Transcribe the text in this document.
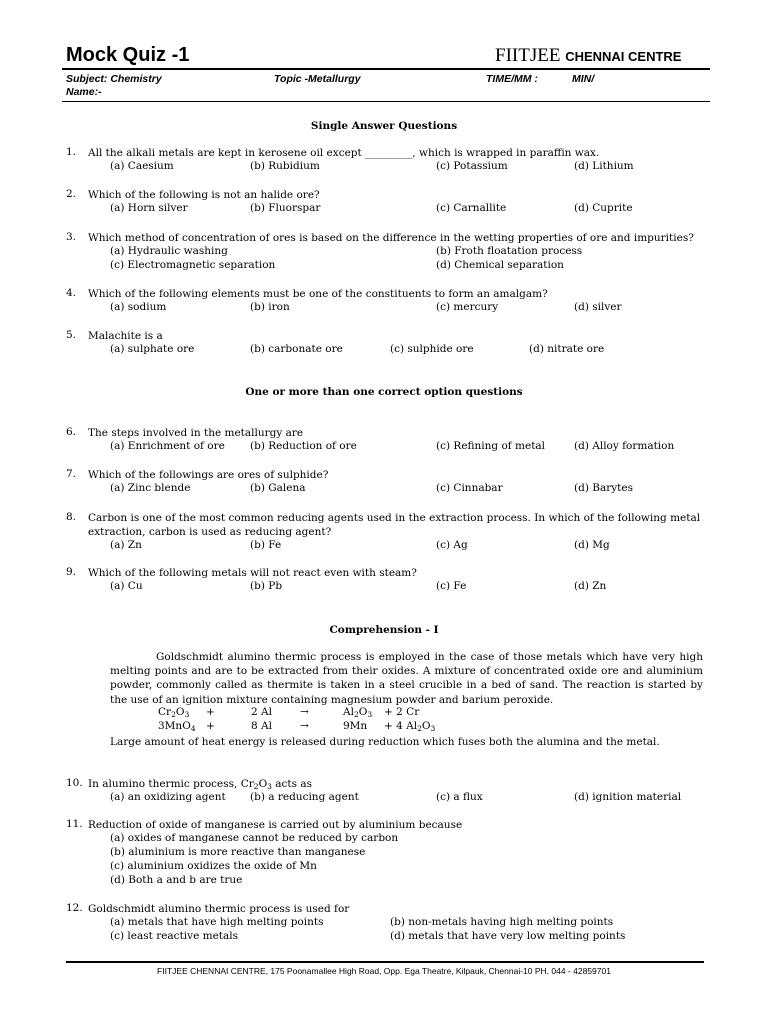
Mock Quiz -1	FIITJEE CHENNAI CENTRE
Subject: Chemistry	Topic -Metallurgy	TIME/MM :	MIN/
Name:-
Single Answer Questions
1. All the alkali metals are kept in kerosene oil except _________, which is wrapped in paraffin wax.
(a) Caesium	(b) Rubidium	(c) Potassium	(d) Lithium
2. Which of the following is not an halide ore?
(a) Horn silver	(b) Fluorspar	(c) Carnallite	(d) Cuprite
3. Which method of concentration of ores is based on the difference in the wetting properties of ore and impurities?
(a) Hydraulic washing	(b) Froth floatation process
(c) Electromagnetic separation	(d) Chemical separation
4. Which of the following elements must be one of the constituents to form an amalgam?
(a) sodium	(b) iron	(c) mercury	(d) silver
5. Malachite is a
(a) sulphate ore	(b) carbonate ore	(c) sulphide ore	(d) nitrate ore
One or more than one correct option questions
6. The steps involved in the metallurgy are
(a) Enrichment of ore (b) Reduction of ore	(c) Refining of metal	(d) Alloy formation
7. Which of the followings are ores of sulphide?
(a) Zinc blende	(b) Galena	(c) Cinnabar	(d) Barytes
8. Carbon is one of the most common reducing agents used in the extraction process. In which of the following metal
extraction, carbon is used as reducing agent?
(a) Zn	(b) Fe	(c) Ag	(d) Mg
9. Which of the following metals will not react even with steam?
(a) Cu	(b) Pb	(c) Fe	(d) Zn
Comprehension - I
Goldschmidt alumino thermic process is employed in the case of those metals which have very high melting points and are to be extracted from their oxides. A mixture of concentrated oxide ore and aluminium powder, commonly called as thermite is taken in a steel crucible in a bed of sand. The reaction is started by the use of an ignition mixture containing magnesium powder and barium peroxide.
$Cr_2O_3$ +	2 Al	→	$Al_2O_3 + 2$ Cr
3MnO$_4$ +	8 Al	→	9Mn + 4 $Al_2O_3$
Large amount of heat energy is released during reduction which fuses both the alumina and the metal.
10. In alumino thermic process, $Cr_2O_3$ acts as
(a) an oxidizing agent (b) a reducing agent	(c) a flux	(d) ignition material
11. Reduction of oxide of manganese is carried out by aluminium because
(a) oxides of manganese cannot be reduced by carbon
(b) aluminium is more reactive than manganese
(c) aluminium oxidizes the oxide of Mn
(d) Both a and b are true
12. Goldschmidt alumino thermic process is used for
(a) metals that have high melting points	(b) non-metals having high melting points
(c) least reactive metals	(d) metals that have very low melting points
FIITJEE CHENNAI CENTRE, 175 Poonamallee High Road, Opp. Ega Theatre, Kilpauk, Chennai-10 PH. 044 - 42859701
